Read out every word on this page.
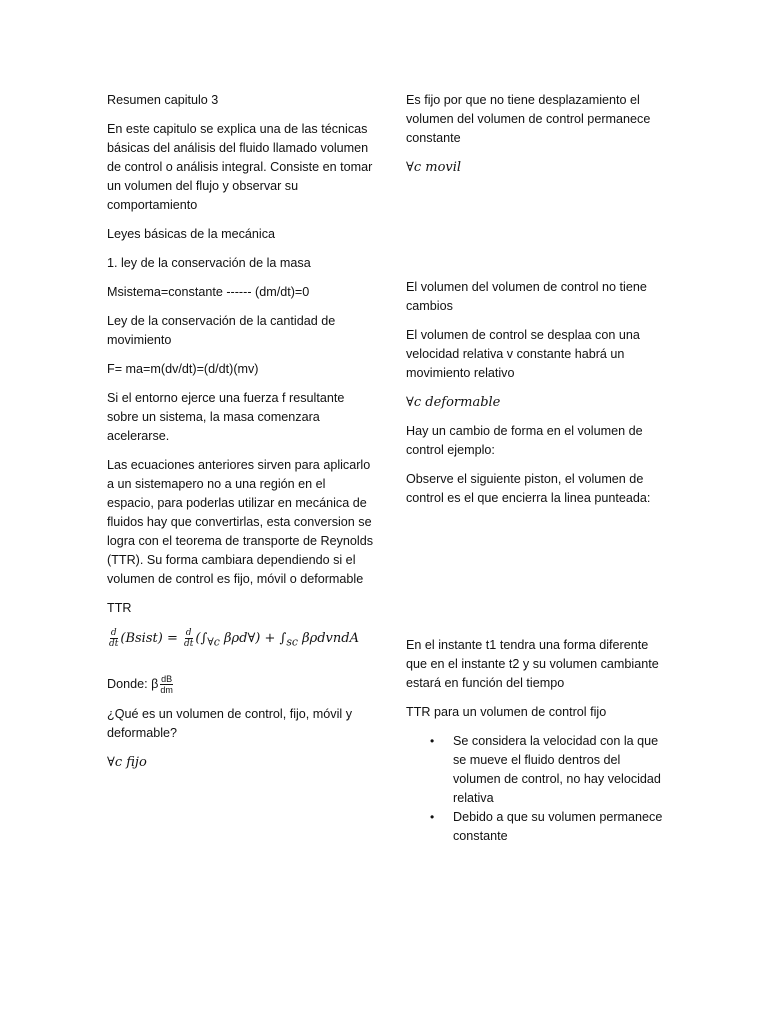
Resumen capitulo 3

En este capitulo se explica una de las técnicas básicas del análisis del fluido llamado volumen de control o análisis integral. Consiste en tomar un volumen del flujo y observar su comportamiento

Leyes básicas de la mecánica

1. ley de la conservación de la masa

Msistema=constante ------ (dm/dt)=0

Ley de la conservación de la cantidad de movimiento

F= ma=m(dv/dt)=(d/dt)(mv)

Si el entorno ejerce una fuerza f resultante sobre un sistema, la masa comenzara acelerarse.

Las ecuaciones anteriores sirven para aplicarlo a un sistemapero no a una región en el espacio, para poderlas utilizar en mecánica de fluidos hay que convertirlas, esta conversion se logra con el teorema de transporte de Reynolds (TTR). Su forma cambiara dependiendo si el volumen de control es fijo, móvil o deformable

TTR

$\frac{d}{dt}$ (Bsist) = $\frac{d}{dt} (\int_{\forall c}$ βρd∀) + $\int_{sc}$ βρdvndA

Donde: β $\frac{dB}{dm}$

¿Qué es un volumen de control, fijo, móvil y deformable?

∀c fijo

Es fijo por que no tiene desplazamiento el volumen del volumen de control permanece constante

∀c movil

El volumen del volumen de control no tiene cambios

El volumen de control se desplaa con una velocidad relativa v constante habrá un movimiento relativo

∀c deformable

Hay un cambio de forma en el volumen de control ejemplo:

Observe el siguiente piston, el volumen de control es el que encierra la linea punteada:

En el instante t1 tendra una forma diferente que en el instante t2 y su volumen cambiante estará en función del tiempo

TTR para un volumen de control fijo

• Se considera la velocidad con la que se mueve el fluido dentros del volumen de control, no hay velocidad relativa
• Debido a que su volumen permanece constante
